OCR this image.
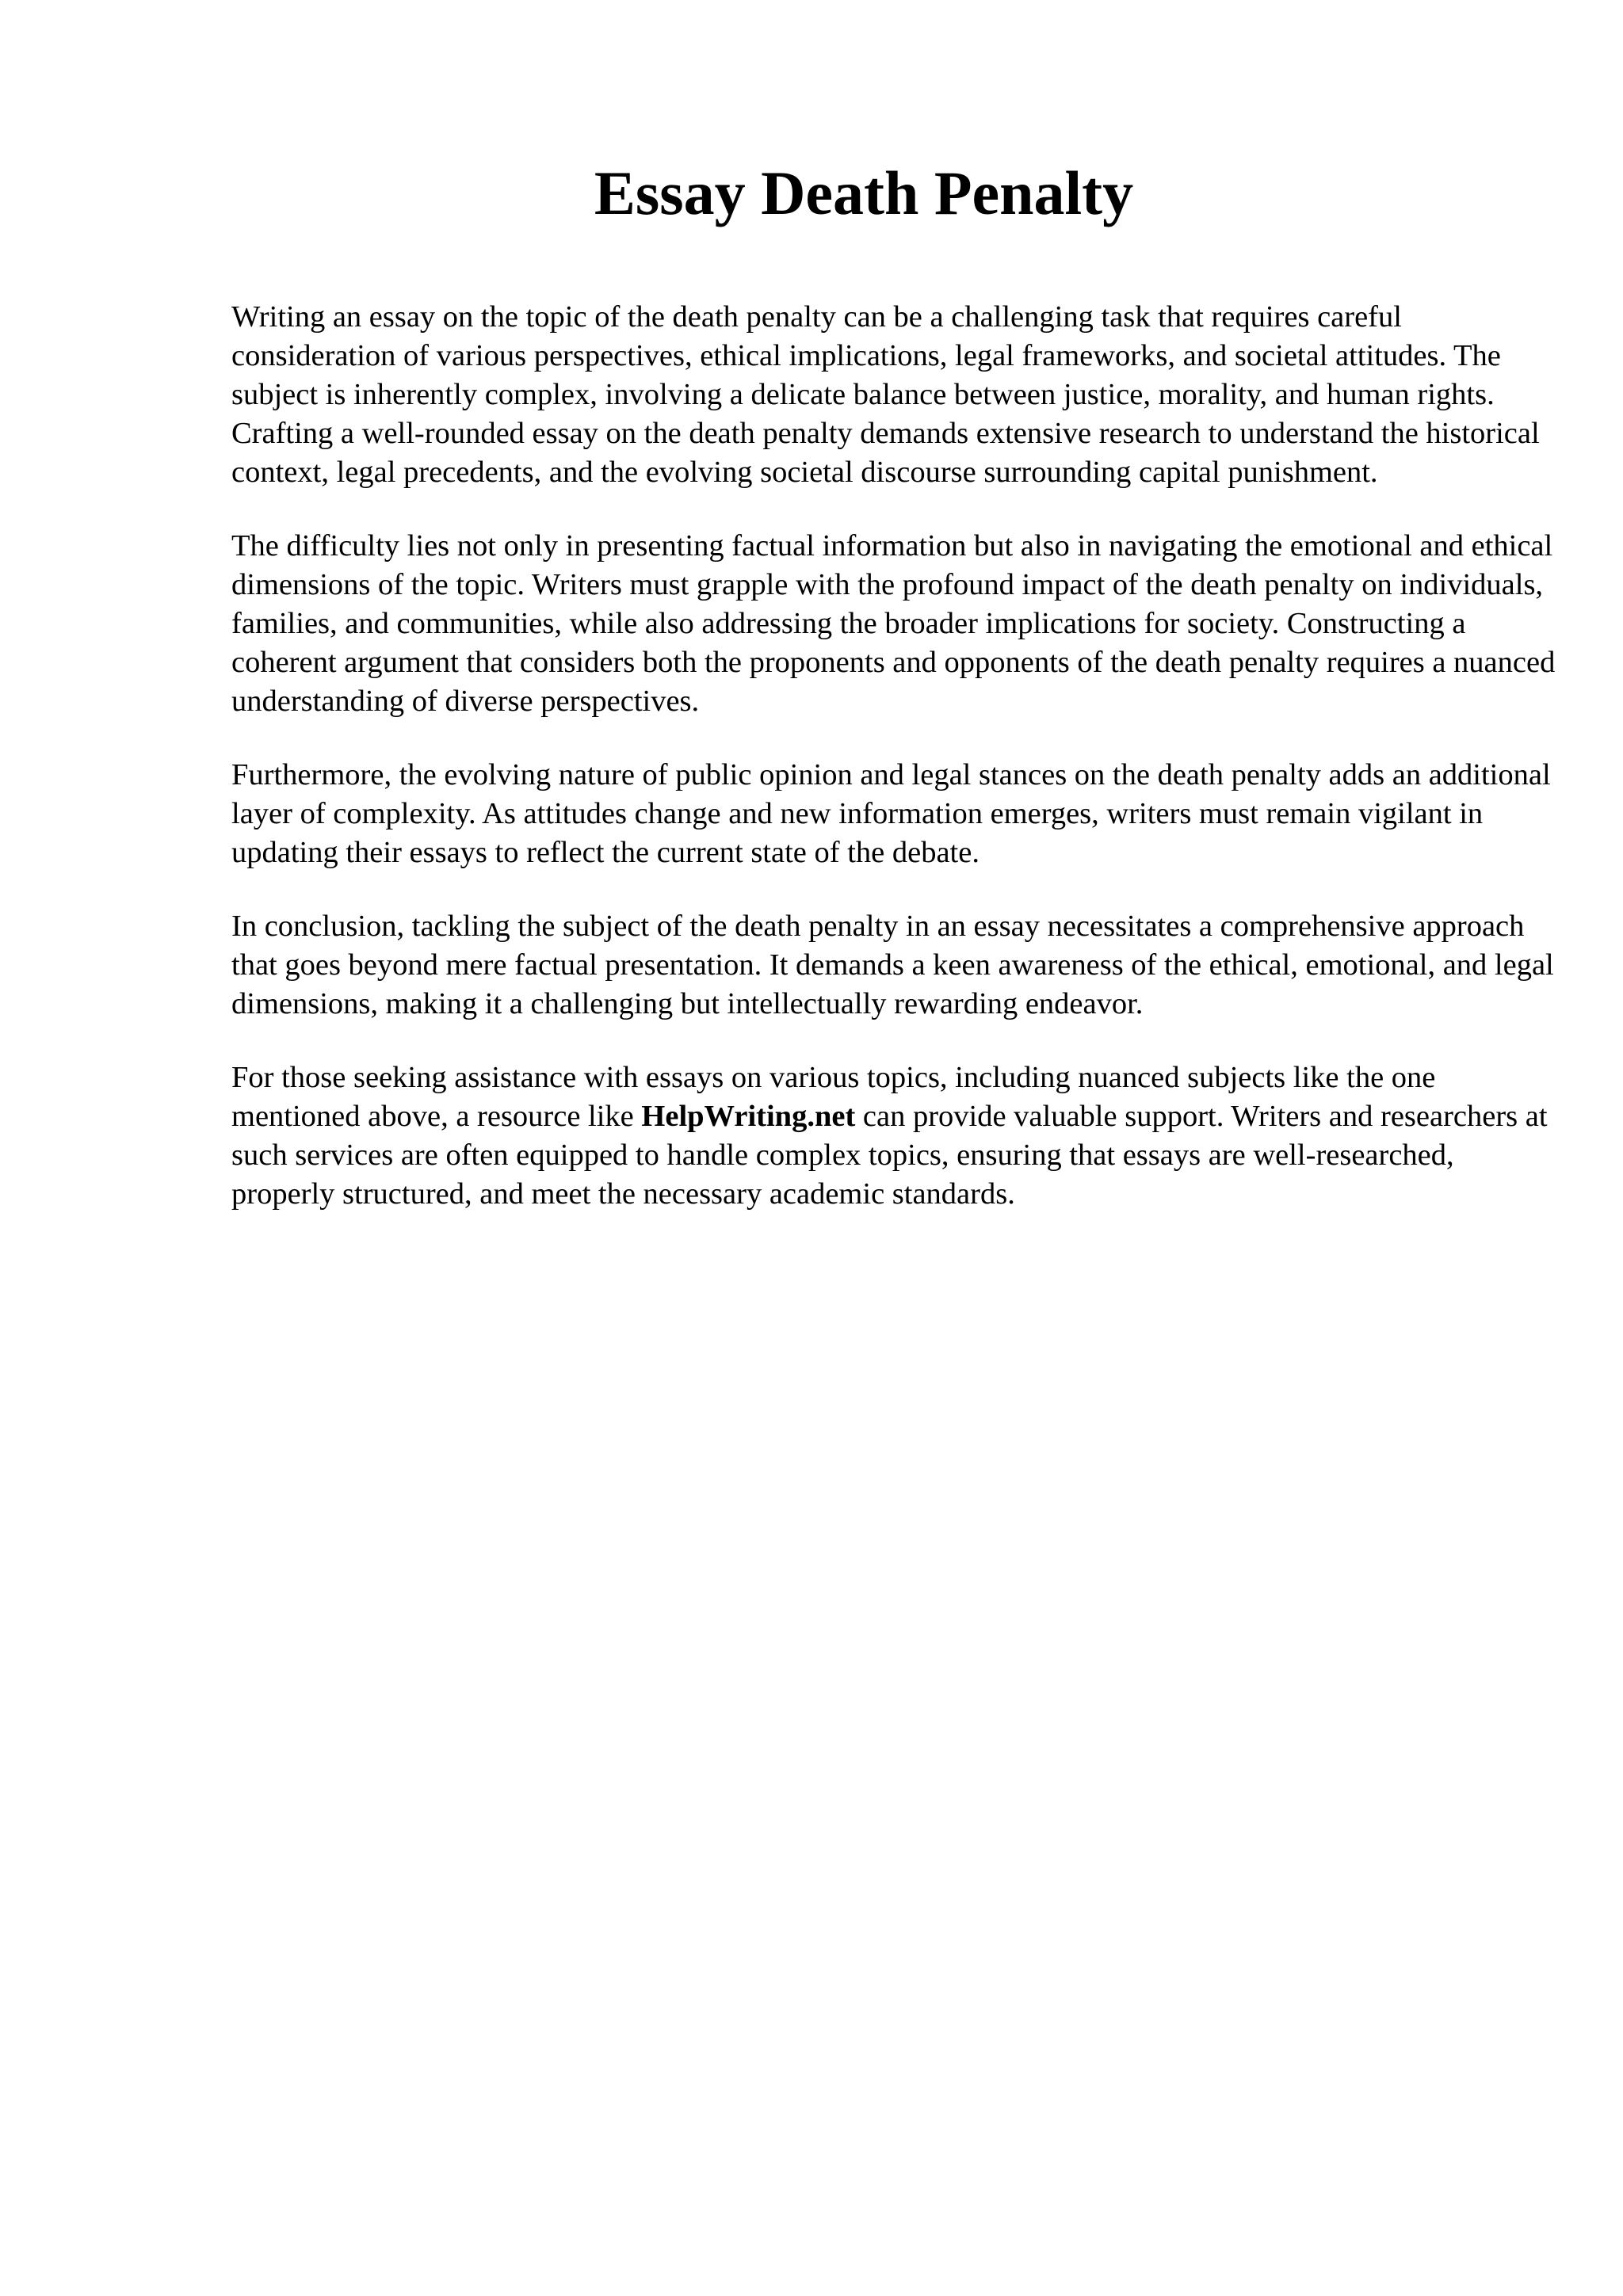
Essay Death Penalty

Writing an essay on the topic of the death penalty can be a challenging task that requires careful consideration of various perspectives, ethical implications, legal frameworks, and societal attitudes. The subject is inherently complex, involving a delicate balance between justice, morality, and human rights. Crafting a well-rounded essay on the death penalty demands extensive research to understand the historical context, legal precedents, and the evolving societal discourse surrounding capital punishment.

The difficulty lies not only in presenting factual information but also in navigating the emotional and ethical dimensions of the topic. Writers must grapple with the profound impact of the death penalty on individuals, families, and communities, while also addressing the broader implications for society. Constructing a coherent argument that considers both the proponents and opponents of the death penalty requires a nuanced understanding of diverse perspectives.

Furthermore, the evolving nature of public opinion and legal stances on the death penalty adds an additional layer of complexity. As attitudes change and new information emerges, writers must remain vigilant in updating their essays to reflect the current state of the debate.

In conclusion, tackling the subject of the death penalty in an essay necessitates a comprehensive approach that goes beyond mere factual presentation. It demands a keen awareness of the ethical, emotional, and legal dimensions, making it a challenging but intellectually rewarding endeavor.

For those seeking assistance with essays on various topics, including nuanced subjects like the one mentioned above, a resource like HelpWriting.net can provide valuable support. Writers and researchers at such services are often equipped to handle complex topics, ensuring that essays are well-researched, properly structured, and meet the necessary academic standards.
